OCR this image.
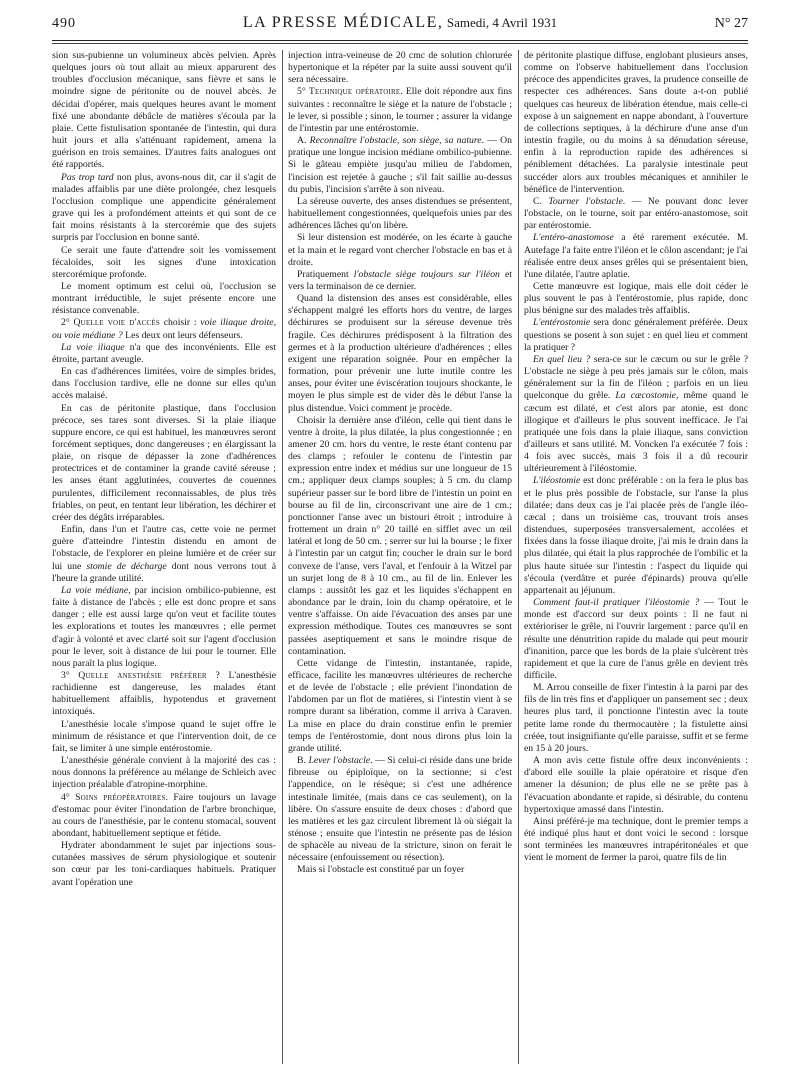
490	LA PRESSE MÉDICALE, Samedi, 4 Avril 1931	N° 27

sion sus-pubienne un volumineux abcès pelvien. Après quelques jours où tout allait au mieux apparurent des troubles d'occlusion mécanique, sans fièvre et sans le moindre signe de péritonite ou de nouvel abcès. Je décidai d'opérer, mais quelques heures avant le moment fixé une abondante débâcle de matières s'écoula par la plaie. Cette fistulisation spontanée de l'intestin, qui dura huit jours et alla s'atténuant rapidement, amena la guérison en trois semaines. D'autres faits analogues ont été rapportés.

Pas trop tard non plus, avons-nous dit, car il s'agit de malades affaiblis par une diète prolongée, chez lesquels l'occlusion complique une appendicite généralement grave qui les a profondément atteints et qui sont de ce fait moins résistants à la stercorémie que des sujets surpris par l'occlusion en bonne santé.

Ce serait une faute d'attendre soit les vomissement fécaloïdes, soit les signes d'une intoxication stercorémique profonde.

Le moment optimum est celui où, l'occlusion se montrant irréductible, le sujet présente encore une résistance convenable.

2° Quelle voie d'accès choisir : voie iliaque droite, ou voie médiane ? Les deux ont leurs défenseurs.

La voie iliaque n'a que des inconvénients. Elle est étroite, partant aveugle.

En cas d'adhérences limitées, voire de simples brides, dans l'occlusion tardive, elle ne donne sur elles qu'un accès malaisé.

En cas de péritonite plastique, dans l'occlusion précoce, ses tares sont diverses. Si la plaie iliaque suppure encore, ce qui est habituel, les manœuvres seront forcément septiques, donc dangereuses ; en élargissant la plaie, on risque de dépasser la zone d'adhérences protectrices et de contaminer la grande cavité séreuse ; les anses étant agglutinées, couvertes de couennes purulentes, difficilement reconnaissables, de plus très friables, on peut, en tentant leur libération, les déchirer et créer des dégâts irréparables.

Enfin, dans l'un et l'autre cas, cette voie ne permet guère d'atteindre l'intestin distendu en amont de l'obstacle, de l'explorer en pleine lumière et de créer sur lui une stomie de décharge dont nous verrons tout à l'heure la grande utilité.

La voie médiane, par incision ombilico-pubienne, est faite à distance de l'abcès ; elle est donc propre et sans danger ; elle est aussi large qu'on veut et facilite toutes les explorations et toutes les manœuvres ; elle permet d'agir à volonté et avec clarté soit sur l'agent d'occlusion pour le lever, soit à distance de lui pour le tourner. Elle nous paraît la plus logique.

3° Quelle anesthésie préférer ? L'anesthésie rachidienne est dangereuse, les malades étant habituellement affaiblis, hypotendus et gravement intoxiqués.

L'anesthésie locale s'impose quand le sujet offre le minimum de résistance et que l'intervention doit, de ce fait, se limiter à une simple entérostomie.

L'anesthésie générale convient à la majorité des cas : nous donnons la préférence au mélange de Schleich avec injection préalable d'atropine-morphine.

4° Soins préopératoires. Faire toujours un lavage d'estomac pour éviter l'inondation de l'arbre bronchique, au cours de l'anesthésie, par le contenu stomacal, souvent abondant, habituellement septique et fétide.

Hydrater abondamment le sujet par injections sous-cutanées massives de sérum physiologique et soutenir son cœur par les toni-cardiaques habituels. Pratiquer avant l'opération une

injection intra-veineuse de 20 cmc de solution chlorurée hypertonique et la répéter par la suite aussi souvent qu'il sera nécessaire.

5° Technique opératoire. Elle doit répondre aux fins suivantes : reconnaître le siège et la nature de l'obstacle ; le lever, si possible ; sinon, le tourner ; assurer la vidange de l'intestin par une entérostomie.

A. Reconnaître l'obstacle, son siège, sa nature. — On pratique une longue incision médiane ombilico-pubienne. Si le gâteau empiète jusqu'au milieu de l'abdomen, l'incision est rejetée à gauche ; s'il fait saillie au-dessus du pubis, l'incision s'arrête à son niveau.

La séreuse ouverte, des anses distendues se présentent, habituellement congestionnées, quelquefois unies par des adhérences lâches qu'on libère.

Si leur distension est modérée, on les écarte à gauche et la main et le regard vont chercher l'obstacle en bas et à droite.

Pratiquement l'obstacle siège toujours sur l'iléon et vers la terminaison de ce dernier.

Quand la distension des anses est considérable, elles s'échappent malgré les efforts hors du ventre, de larges déchirures se produisent sur la séreuse devenue très fragile. Ces déchirures prédisposent à la filtration des germes et à la production ultérieure d'adhérences ; elles exigent une réparation soignée. Pour en empêcher la formation, pour prévenir une lutte inutile contre les anses, pour éviter une éviscération toujours shockante, le moyen le plus simple est de vider dès le début l'anse la plus distendue. Voici comment je procède.

Choisir la dernière anse d'iléon, celle qui tient dans le ventre à droite, la plus dilatée, la plus congestionnée ; en amener 20 cm. hors du ventre, le reste étant contenu par des clamps ; refouler le contenu de l'intestin par expression entre index et médius sur une longueur de 15 cm.; appliquer deux clamps souples; à 5 cm. du clamp supérieur passer sur le bord libre de l'intestin un point en bourse au fil de lin, circonscrivant une aire de 1 cm.; ponctionner l'anse avec un bistouri étroit ; introduire à frottement un drain n° 20 taillé en sifflet avec un œil latéral et long de 50 cm. ; serrer sur lui la bourse ; le fixer à l'intestin par un catgut fin; coucher le drain sur le bord convexe de l'anse, vers l'aval, et l'enfouir à la Witzel par un surjet long de 8 à 10 cm., au fil de lin. Enlever les clamps : aussitôt les gaz et les liquides s'échappent en abondance par le drain, loin du champ opératoire, et le ventre s'affaisse. On aide l'évacuation des anses par une expression méthodique. Toutes ces manœuvres se sont passées aseptiquement et sans le moindre risque de contamination.

Cette vidange de l'intestin, instantanée, rapide, efficace, facilite les manœuvres ultérieures de recherche et de levée de l'obstacle ; elle prévient l'inondation de l'abdomen par un flot de matières, si l'intestin vient à se rompre durant sa libération, comme il arriva à Caraven. La mise en place du drain constitue enfin le premier temps de l'entérostomie, dont nous dirons plus loin la grande utilité.

B. Lever l'obstacle. — Si celui-ci réside dans une bride fibreuse ou épiploïque, on la sectionne; si c'est l'appendice, on le résèque; si c'est une adhérence intestinale limitée, (mais dans ce cas seulement), on la libère. On s'assure ensuite de deux choses : d'abord que les matières et les gaz circulent librement là où siégait la sténose ; ensuite que l'intestin ne présente pas de lésion de sphacèle au niveau de la stricture, sinon on ferait le nécessaire (enfouissement ou résection).

Mais si l'obstacle est constitué par un foyer

de péritonite plastique diffuse, englobant plusieurs anses, comme on l'observe habituellement dans l'occlusion précoce des appendicites graves, la prudence conseille de respecter ces adhérences. Sans doute a-t-on publié quelques cas heureux de libération étendue, mais celle-ci expose à un saignement en nappe abondant, à l'ouverture de collections septiques, à la déchirure d'une anse d'un intestin fragile, ou du moins à sa dénudation séreuse, enfin à la reproduction rapide des adhérences si péniblement détachées. La paralysie intestinale peut succéder alors aux troubles mécaniques et annihiler le bénéfice de l'intervention.

C. Tourner l'obstacle. — Ne pouvant donc lever l'obstacle, on le tourne, soit par entéro-anastomose, soit par entérostomie.

L'entéro-anastomose a été rarement exécutée. M. Autefage l'a faite entre l'iléon et le côlon ascendant; je l'ai réalisée entre deux anses grêles qui se présentaient bien, l'une dilatée, l'autre aplatie.

Cette manœuvre est logique, mais elle doit céder le plus souvent le pas à l'entérostomie, plus rapide, donc plus bénigne sur des malades très affaiblis.

L'entérostomie sera donc généralement préférée. Deux questions se posent à son sujet : en quel lieu et comment la pratiquer ?

En quel lieu ? sera-ce sur le cæcum ou sur le grêle ? L'obstacle ne siège à peu près jamais sur le côlon, mais généralement sur la fin de l'iléon ; parfois en un lieu quelconque du grêle. La cæcostomie, même quand le cæcum est dilaté, et c'est alors par atonie, est donc illogique et d'ailleurs le plus souvent inefficace. Je l'ai pratiquée une fois dans la plaie iliaque, sans conviction d'ailleurs et sans utilité. M. Voncken l'a exécutée 7 fois : 4 fois avec succès, mais 3 fois il a dû recourir ultérieurement à l'iléostomie.

L'iléostomie est donc préférable : on la fera le plus bas et le plus près possible de l'obstacle, sur l'anse la plus dilatée; dans deux cas je l'ai placée près de l'angle iléo-cæcal ; dans un troisième cas, trouvant trois anses distendues, superposées transversalement, accolées et fixées dans la fosse iliaque droite, j'ai mis le drain dans la plus dilatée, qui était la plus rapprochée de l'ombilic et la plus haute située sur l'intestin : l'aspect du liquide qui s'écoula (verdâtre et purée d'épinards) prouva qu'elle appartenait au jéjunum.

Comment faut-il pratiquer l'iléostomie ? — Tout le monde est d'accord sur deux points : Il ne faut ni extérioriser le grêle, ni l'ouvrir largement : parce qu'il en résulte une dénutrition rapide du malade qui peut mourir d'inanition, parce que les bords de la plaie s'ulcèrent très rapidement et que la cure de l'anus grêle en devient très difficile.

M. Arrou conseille de fixer l'intestin à la paroi par des fils de lin très fins et d'appliquer un pansement sec ; deux heures plus tard, il ponctionne l'intestin avec la toute petite lame ronde du thermocautère ; la fistulette ainsi créée, tout insignifiante qu'elle paraisse, suffit et se ferme en 15 à 20 jours.

A mon avis cette fistule offre deux inconvénients : d'abord elle souille la plaie opératoire et risque d'en amener la désunion; de plus elle ne se prête pas à l'évacuation abondante et rapide, si désirable, du contenu hypertoxique amassé dans l'intestin.

Ainsi préféré-je ma technique, dont le premier temps a été indiqué plus haut et dont voici le second : lorsque sont terminées les manœuvres intrapéritonéales et que vient le moment de fermer la paroi, quatre fils de lin
